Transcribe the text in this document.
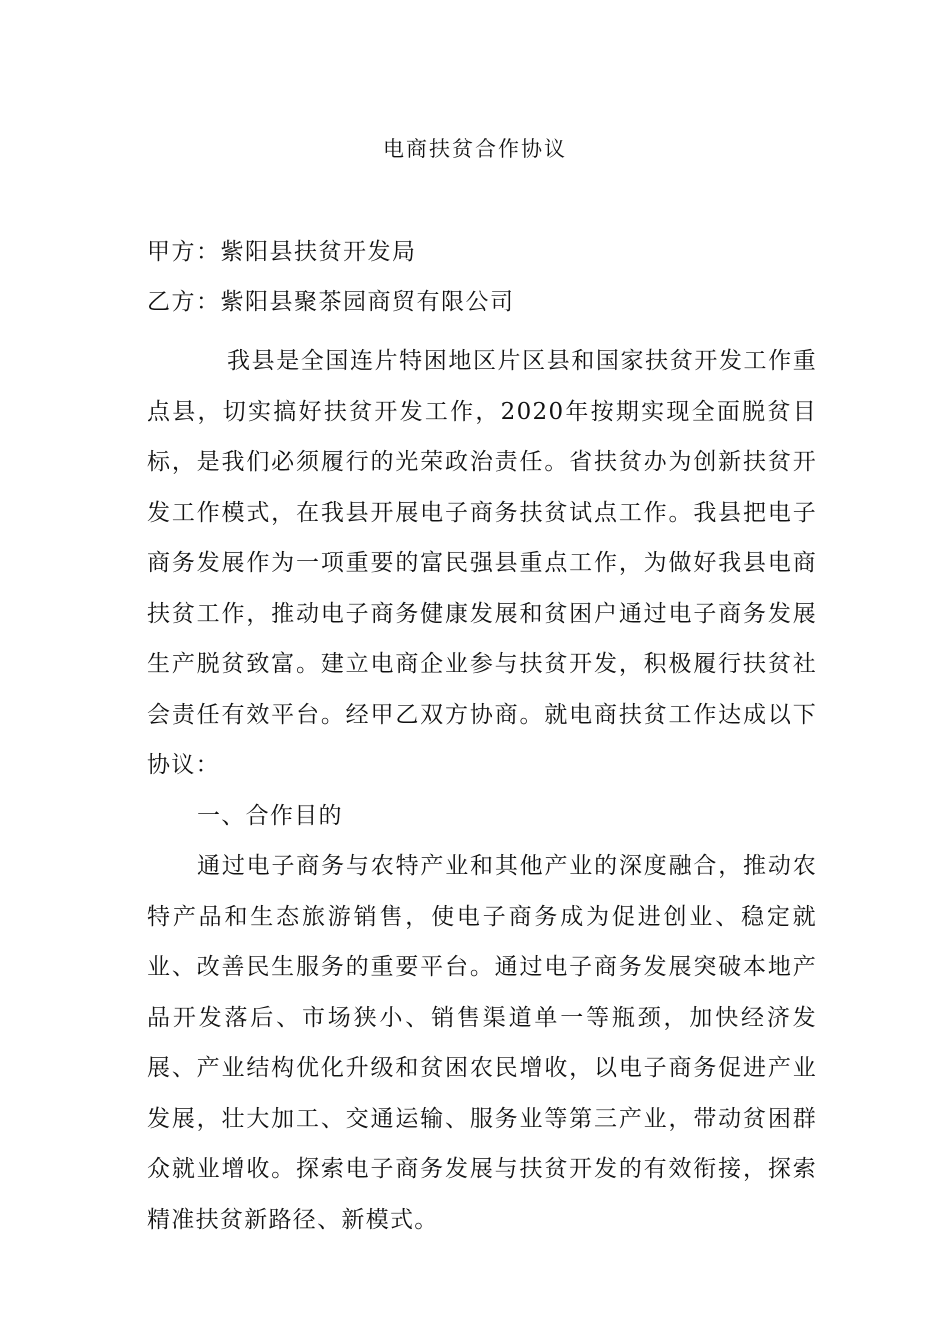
电商扶贫合作协议
甲方：紫阳县扶贫开发局
乙方：紫阳县聚茶园商贸有限公司

我县是全国连片特困地区片区县和国家扶贫开发工作重点县，切实搞好扶贫开发工作，2020年按期实现全面脱贫目标，是我们必须履行的光荣政治责任。省扶贫办为创新扶贫开发工作模式，在我县开展电子商务扶贫试点工作。我县把电子商务发展作为一项重要的富民强县重点工作，为做好我县电商扶贫工作，推动电子商务健康发展和贫困户通过电子商务发展生产脱贫致富。建立电商企业参与扶贫开发，积极履行扶贫社会责任有效平台。经甲乙双方协商。就电商扶贫工作达成以下协议：

一、合作目的

通过电子商务与农特产业和其他产业的深度融合，推动农特产品和生态旅游销售，使电子商务成为促进创业、稳定就业、改善民生服务的重要平台。通过电子商务发展突破本地产品开发落后、市场狭小、销售渠道单一等瓶颈，加快经济发展、产业结构优化升级和贫困农民增收，以电子商务促进产业发展，壮大加工、交通运输、服务业等第三产业，带动贫困群众就业增收。探索电子商务发展与扶贫开发的有效衔接，探索精准扶贫新路径、新模式。
